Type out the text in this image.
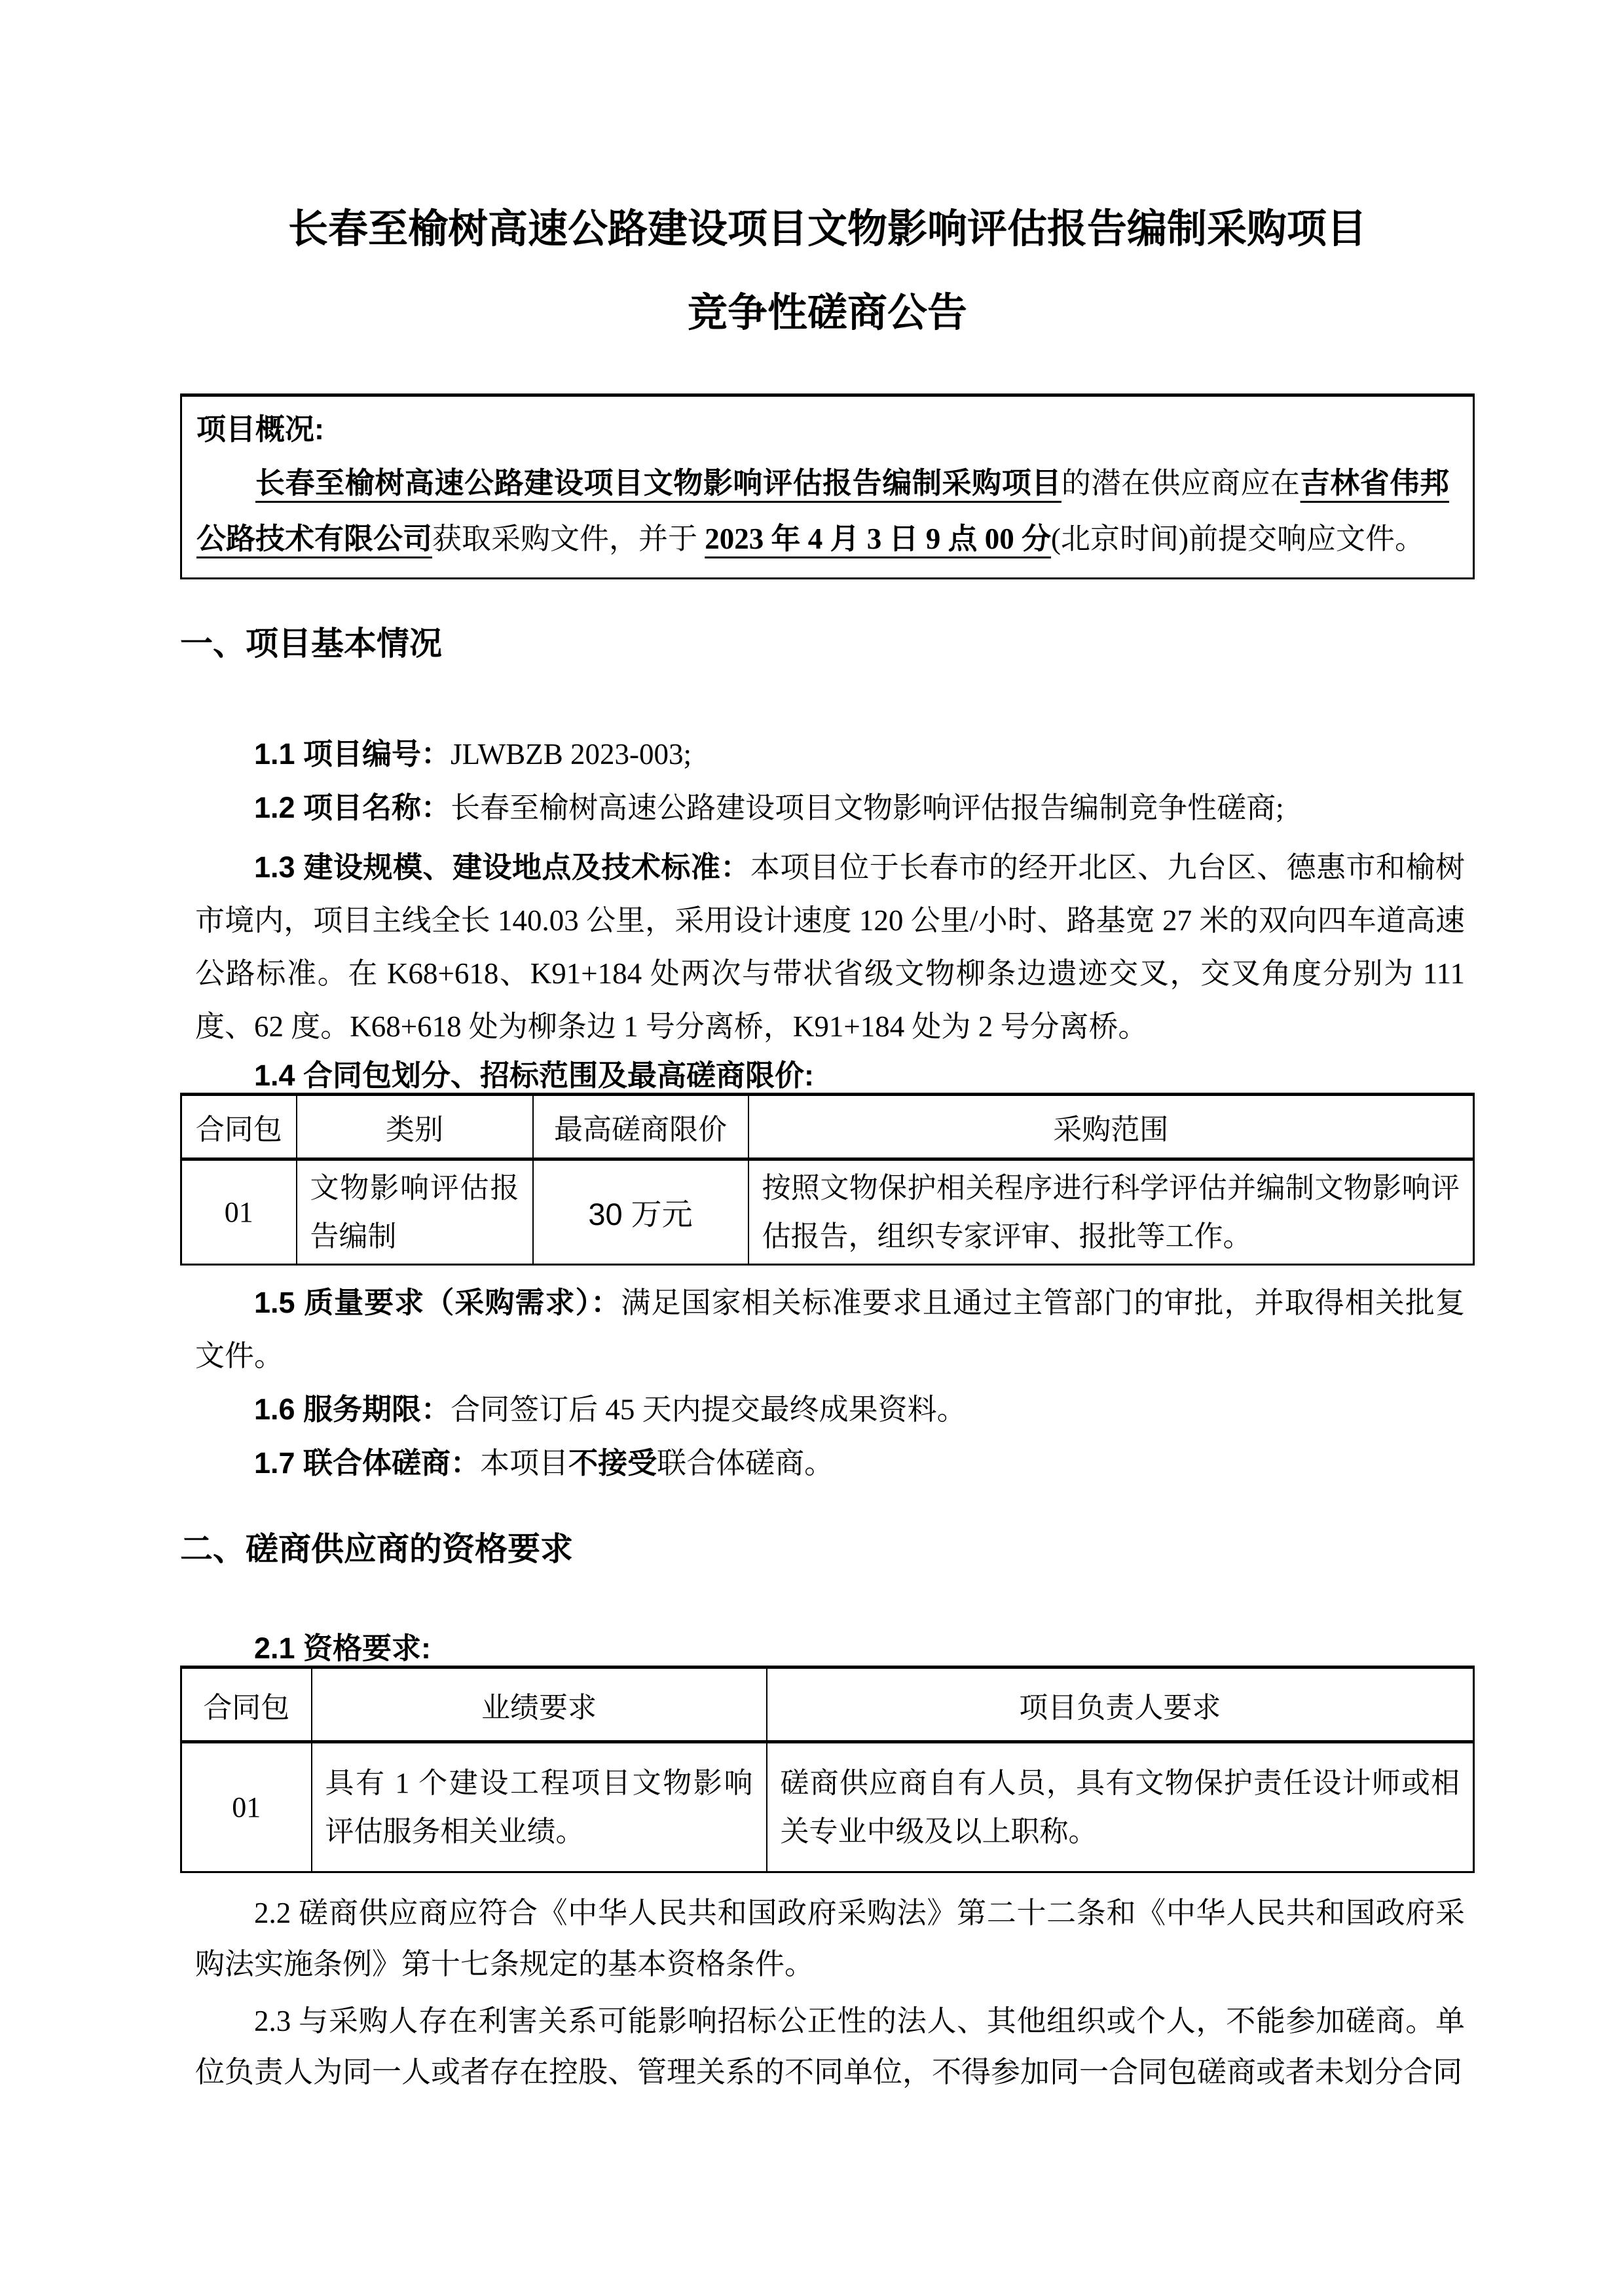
长春至榆树高速公路建设项目文物影响评估报告编制采购项目
竞争性磋商公告
项目概况:

长春至榆树高速公路建设项目文物影响评估报告编制采购项目的潜在供应商应在吉林省伟邦公路技术有限公司获取采购文件，并于 2023 年 4 月 3 日 9 点 00 分(北京时间)前提交响应文件。

一、项目基本情况

1.1 项目编号：JLWBZB 2023-003;

1.2 项目名称：长春至榆树高速公路建设项目文物影响评估报告编制竞争性磋商;

1.3 建设规模、建设地点及技术标准：本项目位于长春市的经开北区、九台区、德惠市和榆树市境内，项目主线全长 140.03 公里，采用设计速度 120 公里/小时、路基宽 27 米的双向四车道高速公路标准。在 K68+618、K91+184 处两次与带状省级文物柳条边遗迹交叉，交叉角度分别为 111 度、62 度。K68+618 处为柳条边 1 号分离桥，K91+184 处为 2 号分离桥。

1.4 合同包划分、招标范围及最高磋商限价:
合同包	类别	最高磋商限价	采购范围
01	文物影响评估报告编制	30 万元	按照文物保护相关程序进行科学评估并编制文物影响评估报告，组织专家评审、报批等工作。

1.5 质量要求（采购需求）：满足国家相关标准要求且通过主管部门的审批，并取得相关批复文件。

1.6 服务期限：合同签订后 45 天内提交最终成果资料。

1.7 联合体磋商：本项目不接受联合体磋商。

二、磋商供应商的资格要求
2.1 资格要求:
合同包	业绩要求	项目负责人要求
01	具有 1 个建设工程项目文物影响评估服务相关业绩。	磋商供应商自有人员，具有文物保护责任设计师或相关专业中级及以上职称。

2.2 磋商供应商应符合《中华人民共和国政府采购法》第二十二条和《中华人民共和国政府采购法实施条例》第十七条规定的基本资格条件。

2.3 与采购人存在利害关系可能影响招标公正性的法人、其他组织或个人，不能参加磋商。单位负责人为同一人或者存在控股、管理关系的不同单位，不得参加同一合同包磋商或者未划分合同
